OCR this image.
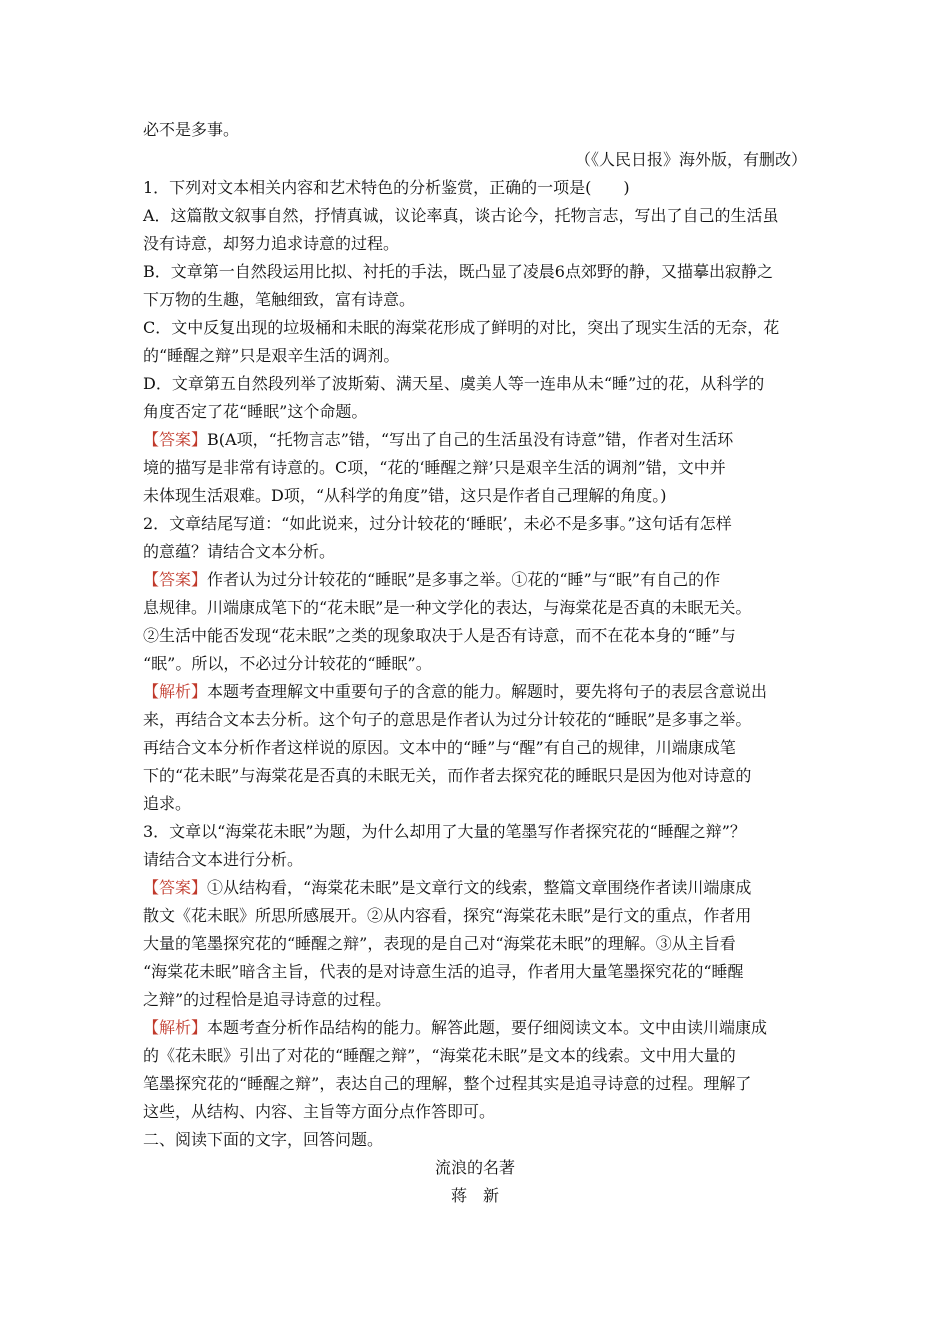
必不是多事。

（《人民日报》海外版，有删改）

1．下列对文本相关内容和艺术特色的分析鉴赏，正确的一项是(　　)

A．这篇散文叙事自然，抒情真诚，议论率真，谈古论今，托物言志，写出了自己的生活虽

没有诗意，却努力追求诗意的过程。

B．文章第一自然段运用比拟、衬托的手法，既凸显了凌晨6点郊野的静，又描摹出寂静之

下万物的生趣，笔触细致，富有诗意。

C．文中反复出现的垃圾桶和未眠的海棠花形成了鲜明的对比，突出了现实生活的无奈，花

的“睡醒之辩”只是艰辛生活的调剂。

D．文章第五自然段列举了波斯菊、满天星、虞美人等一连串从未“睡”过的花，从科学的

角度否定了花“睡眠”这个命题。

【答案】B(A项，“托物言志”错，“写出了自己的生活虽没有诗意”错，作者对生活环

境的描写是非常有诗意的。C项，“花的‘睡醒之辩’只是艰辛生活的调剂”错，文中并

未体现生活艰难。D项，“从科学的角度”错，这只是作者自己理解的角度。)

2．文章结尾写道：“如此说来，过分计较花的‘睡眠’，未必不是多事。”这句话有怎样

的意蕴？请结合文本分析。

【答案】作者认为过分计较花的“睡眠”是多事之举。①花的“睡”与“眠”有自己的作

息规律。川端康成笔下的“花未眠”是一种文学化的表达，与海棠花是否真的未眠无关。

②生活中能否发现“花未眠”之类的现象取决于人是否有诗意，而不在花本身的“睡”与

“眠”。所以，不必过分计较花的“睡眠”。

【解析】本题考查理解文中重要句子的含意的能力。解题时，要先将句子的表层含意说出

来，再结合文本去分析。这个句子的意思是作者认为过分计较花的“睡眠”是多事之举。

再结合文本分析作者这样说的原因。文本中的“睡”与“醒”有自己的规律，川端康成笔

下的“花未眠”与海棠花是否真的未眠无关，而作者去探究花的睡眠只是因为他对诗意的

追求。

3．文章以“海棠花未眠”为题，为什么却用了大量的笔墨写作者探究花的“睡醒之辩”？

请结合文本进行分析。

【答案】①从结构看，“海棠花未眠”是文章行文的线索，整篇文章围绕作者读川端康成

散文《花未眠》所思所感展开。②从内容看，探究“海棠花未眠”是行文的重点，作者用

大量的笔墨探究花的“睡醒之辩”，表现的是自己对“海棠花未眠”的理解。③从主旨看

“海棠花未眠”暗含主旨，代表的是对诗意生活的追寻，作者用大量笔墨探究花的“睡醒

之辩”的过程恰是追寻诗意的过程。

【解析】本题考查分析作品结构的能力。解答此题，要仔细阅读文本。文中由读川端康成

的《花未眠》引出了对花的“睡醒之辩”，“海棠花未眠”是文本的线索。文中用大量的

笔墨探究花的“睡醒之辩”，表达自己的理解，整个过程其实是追寻诗意的过程。理解了

这些，从结构、内容、主旨等方面分点作答即可。

二、阅读下面的文字，回答问题。

流浪的名著

蒋　新
